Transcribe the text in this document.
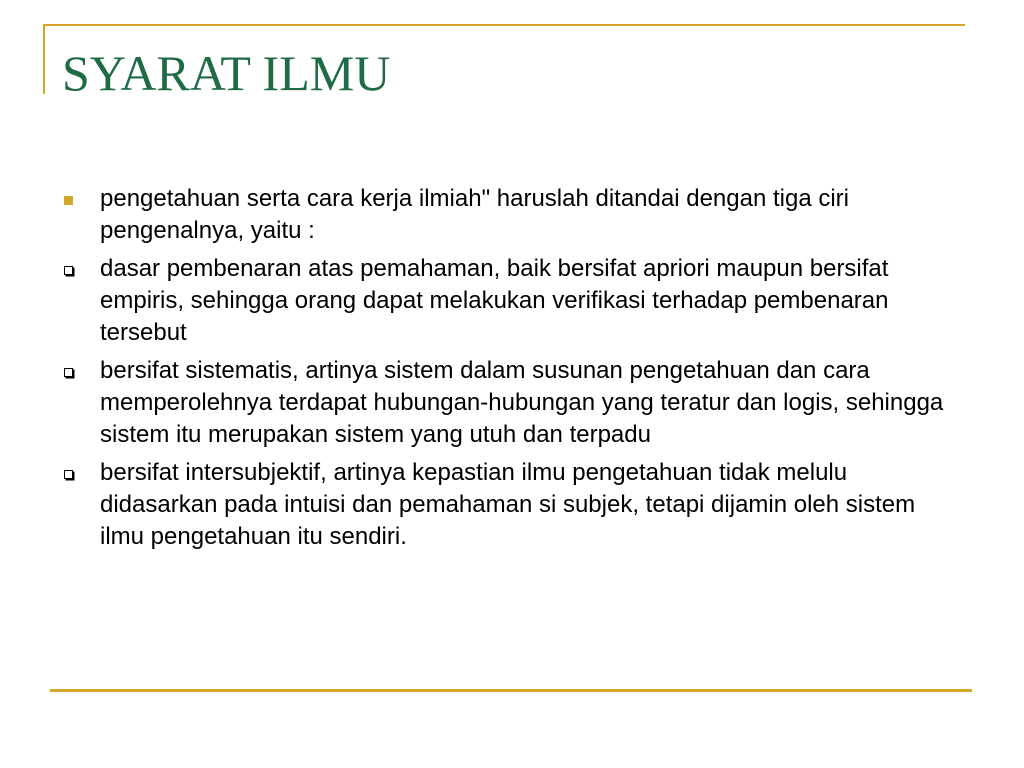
SYARAT ILMU
pengetahuan serta cara kerja ilmiah" haruslah ditandai dengan tiga ciri pengenalnya, yaitu :
dasar pembenaran atas pemahaman, baik bersifat apriori maupun bersifat empiris, sehingga orang dapat melakukan verifikasi terhadap pembenaran tersebut
bersifat sistematis, artinya sistem dalam susunan pengetahuan dan cara memperolehnya terdapat hubungan-hubungan yang teratur dan logis, sehingga sistem itu merupakan sistem yang utuh dan terpadu
bersifat intersubjektif, artinya kepastian ilmu pengetahuan tidak melulu didasarkan pada intuisi dan pemahaman si subjek, tetapi dijamin oleh sistem ilmu pengetahuan itu sendiri.
